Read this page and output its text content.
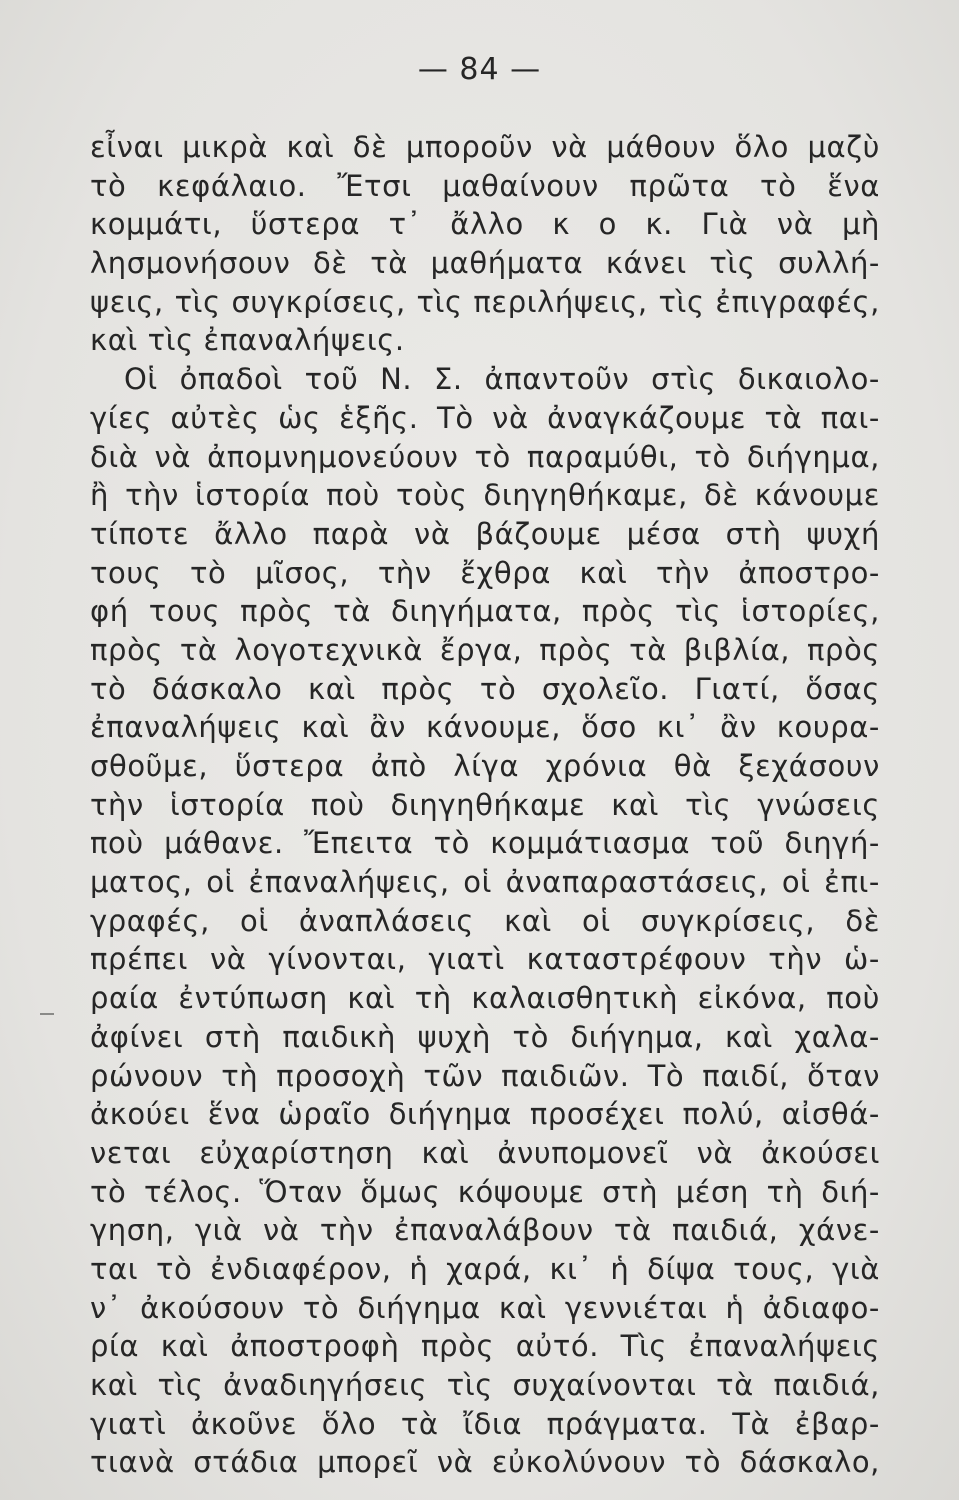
— 84 —
εἶναι μικρὰ καὶ δὲ μποροῦν νὰ μάθουν ὅλο μαζὺ
τὸ κεφάλαιο. Ἔτσι μαθαίνουν πρῶτα τὸ ἕνα
κομμάτι, ὕστερα τ᾽ ἄλλο κ ο κ. Γιὰ νὰ μὴ
λησμονήσουν δὲ τὰ μαθήματα κάνει τὶς συλλή-
ψεις, τὶς συγκρίσεις, τὶς περιλήψεις, τὶς ἐπιγραφές,
καὶ τὶς ἐπαναλήψεις.
Οἱ ὀπαδοὶ τοῦ Ν. Σ. ἀπαντοῦν στὶς δικαιολο-
γίες αὐτὲς ὡς ἑξῆς. Τὸ νὰ ἀναγκάζουμε τὰ παι-
διὰ νὰ ἀπομνημονεύουν τὸ παραμύθι, τὸ διήγημα,
ἢ τὴν ἱστορία ποὺ τοὺς διηγηθήκαμε, δὲ κάνουμε
τίποτε ἄλλο παρὰ νὰ βάζουμε μέσα στὴ ψυχή
τους τὸ μῖσος, τὴν ἔχθρα καὶ τὴν ἀποστρο-
φή τους πρὸς τὰ διηγήματα, πρὸς τὶς ἱστορίες,
πρὸς τὰ λογοτεχνικὰ ἔργα, πρὸς τὰ βιβλία, πρὸς
τὸ δάσκαλο καὶ πρὸς τὸ σχολεῖο. Γιατί, ὅσας
ἐπαναλήψεις καὶ ἂν κάνουμε, ὅσο κι᾽ ἂν κουρα-
σθοῦμε, ὕστερα ἀπὸ λίγα χρόνια θὰ ξεχάσουν
τὴν ἱστορία ποὺ διηγηθήκαμε καὶ τὶς γνώσεις
ποὺ μάθανε. Ἔπειτα τὸ κομμάτιασμα τοῦ διηγή-
ματος, οἱ ἐπαναλήψεις, οἱ ἀναπαραστάσεις, οἱ ἐπι-
γραφές, οἱ ἀναπλάσεις καὶ οἱ συγκρίσεις, δὲ
πρέπει νὰ γίνονται, γιατὶ καταστρέφουν τὴν ὡ-
ραία ἐντύπωση καὶ τὴ καλαισθητικὴ εἰκόνα, ποὺ
ἀφίνει στὴ παιδικὴ ψυχὴ τὸ διήγημα, καὶ χαλα-
ρώνουν τὴ προσοχὴ τῶν παιδιῶν. Τὸ παιδί, ὅταν
ἀκούει ἕνα ὡραῖο διήγημα προσέχει πολύ, αἰσθά-
νεται εὐχαρίστηση καὶ ἀνυπομονεῖ νὰ ἀκούσει
τὸ τέλος. Ὅταν ὅμως κόψουμε στὴ μέση τὴ διή-
γηση, γιὰ νὰ τὴν ἐπαναλάβουν τὰ παιδιά, χάνε-
ται τὸ ἐνδιαφέρον, ἡ χαρά, κι᾽ ἡ δίψα τους, γιὰ
ν᾽ ἀκούσουν τὸ διήγημα καὶ γεννιέται ἡ ἀδιαφο-
ρία καὶ ἀποστροφὴ πρὸς αὐτό. Τὶς ἐπαναλήψεις
καὶ τὶς ἀναδιηγήσεις τὶς συχαίνονται τὰ παιδιά,
γιατὶ ἀκοῦνε ὅλο τὰ ἴδια πράγματα. Τὰ ἐβαρ-
τιανὰ στάδια μπορεῖ νὰ εὐκολύνουν τὸ δάσκαλο,
